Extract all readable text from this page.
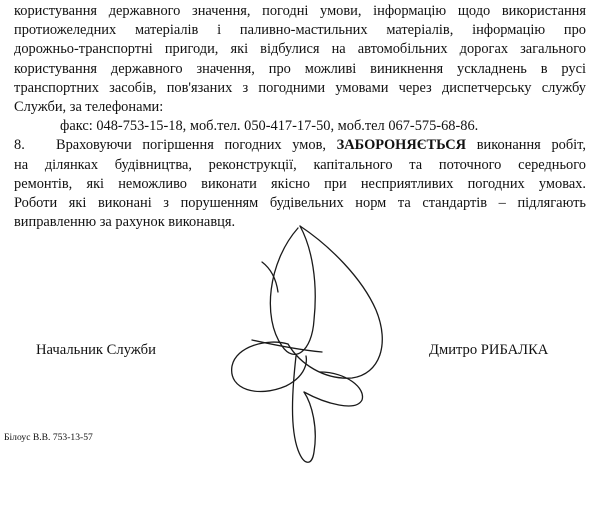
користування державного значення, погодні умови, інформацію щодо використання
протиожеледних матеріалів і паливно-мастильних матеріалів, інформацію про
дорожньо-транспортні пригоди, які відбулися на автомобільних дорогах загального
користування державного значення, про можливі виникнення ускладнень в русі
транспортних засобів, пов'язаних з погодними умовами через диспетчерську службу
Служби, за телефонами:
факс: 048-753-15-18, моб.тел. 050-417-17-50, моб.тел 067-575-68-86.
8. Враховуючи погіршення погодних умов, ЗАБОРОНЯЄТЬСЯ виконання робіт,
на ділянках будівництва, реконструкції, капітального та поточного середнього
ремонтів, які неможливо виконати якісно при несприятливих погодних умовах.
Роботи які виконані з порушенням будівельних норм та стандартів – підлягають
виправленню за рахунок виконавця.
Начальник Служби	Дмитро РИБАЛКА
Білоус В.В. 753-13-57
